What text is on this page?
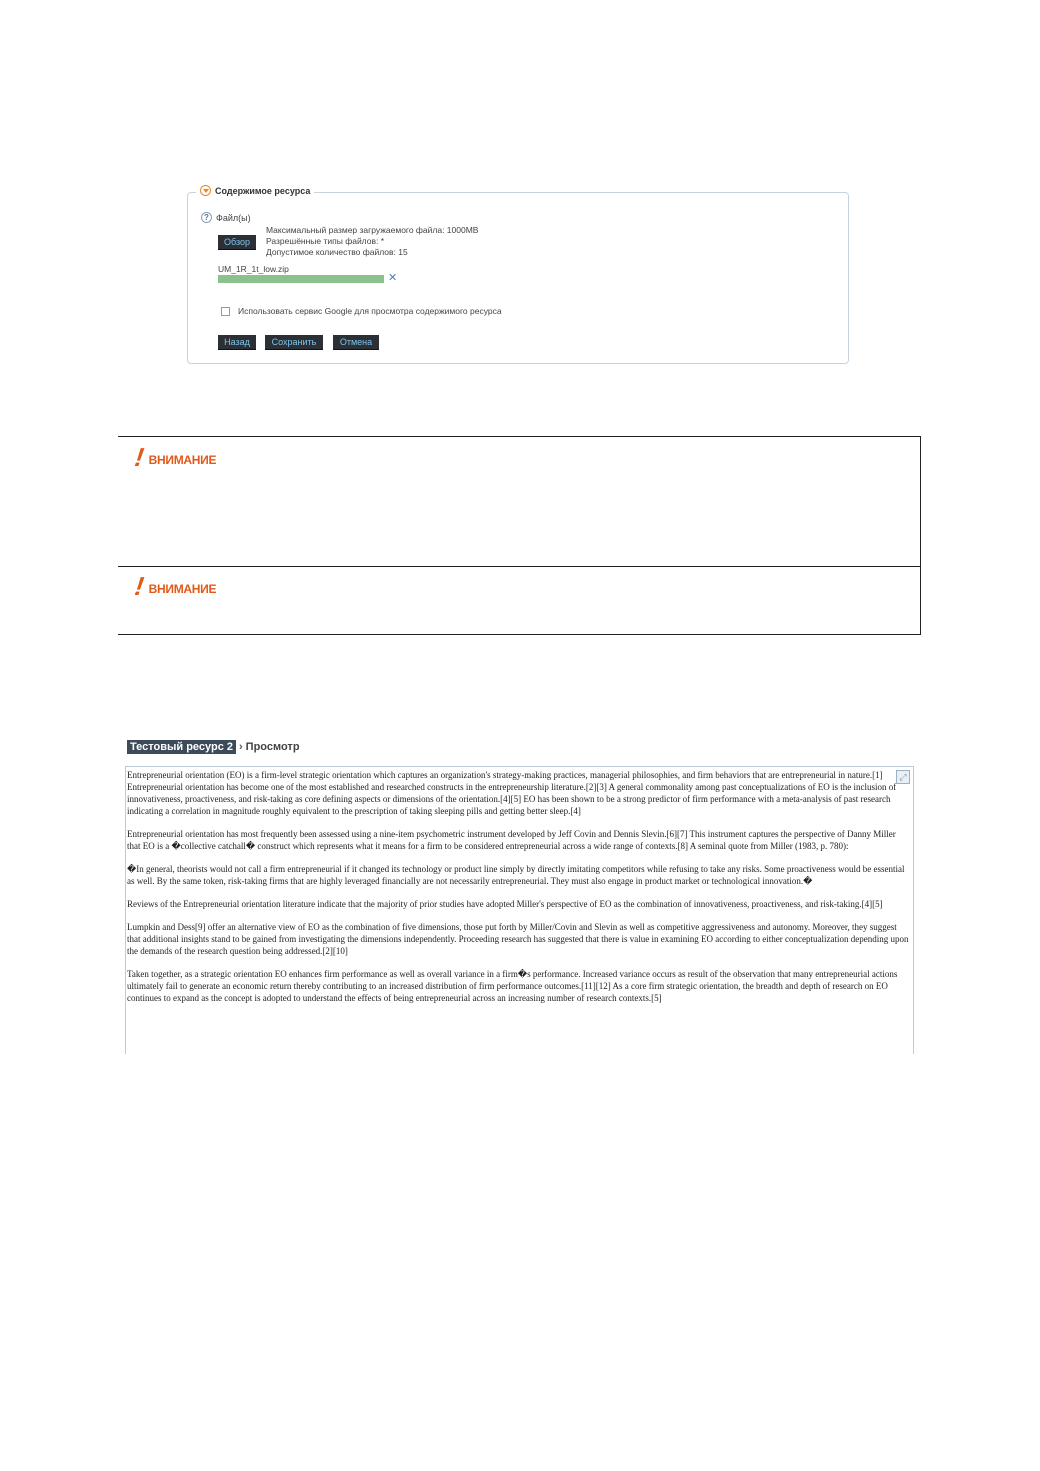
Содержимое ресурса
? Файл(ы)
Обзор
Максимальный размер загружаемого файла: 1000MB
Разрешённые типы файлов: *
Допустимое количество файлов: 15
UM_1R_1t_low.zip
✕
Использовать сервис Google для просмотра содержимого ресурса
Назад	Сохранить	Отмена
! ВНИМАНИЕ
! ВНИМАНИЕ
Тестовый ресурс 2 › Просмотр

Entrepreneurial orientation (EO) is a firm-level strategic orientation which captures an organization's strategy-making practices, managerial philosophies, and firm behaviors that are entrepreneurial in nature.[1] Entrepreneurial orientation has become one of the most established and researched constructs in the entrepreneurship literature.[2][3] A general commonality among past conceptualizations of EO is the inclusion of innovativeness, proactiveness, and risk-taking as core defining aspects or dimensions of the orientation.[4][5] EO has been shown to be a strong predictor of firm performance with a meta-analysis of past research indicating a correlation in magnitude roughly equivalent to the prescription of taking sleeping pills and getting better sleep.[4]

Entrepreneurial orientation has most frequently been assessed using a nine-item psychometric instrument developed by Jeff Covin and Dennis Slevin.[6][7] This instrument captures the perspective of Danny Miller that EO is a �collective catchall� construct which represents what it means for a firm to be considered entrepreneurial across a wide range of contexts.[8] A seminal quote from Miller (1983, p. 780):

�In general, theorists would not call a firm entrepreneurial if it changed its technology or product line simply by directly imitating competitors while refusing to take any risks. Some proactiveness would be essential as well. By the same token, risk-taking firms that are highly leveraged financially are not necessarily entrepreneurial. They must also engage in product market or technological innovation.�

Reviews of the Entrepreneurial orientation literature indicate that the majority of prior studies have adopted Miller's perspective of EO as the combination of innovativeness, proactiveness, and risk-taking.[4][5]

Lumpkin and Dess[9] offer an alternative view of EO as the combination of five dimensions, those put forth by Miller/Covin and Slevin as well as competitive aggressiveness and autonomy. Moreover, they suggest that additional insights stand to be gained from investigating the dimensions independently. Proceeding research has suggested that there is value in examining EO according to either conceptualization depending upon the demands of the research question being addressed.[2][10]

Taken together, as a strategic orientation EO enhances firm performance as well as overall variance in a firm�s performance. Increased variance occurs as result of the observation that many entrepreneurial actions ultimately fail to generate an economic return thereby contributing to an increased distribution of firm performance outcomes.[11][12] As a core firm strategic orientation, the breadth and depth of research on EO continues to expand as the concept is adopted to understand the effects of being entrepreneurial across an increasing number of research contexts.[5]

⤢
